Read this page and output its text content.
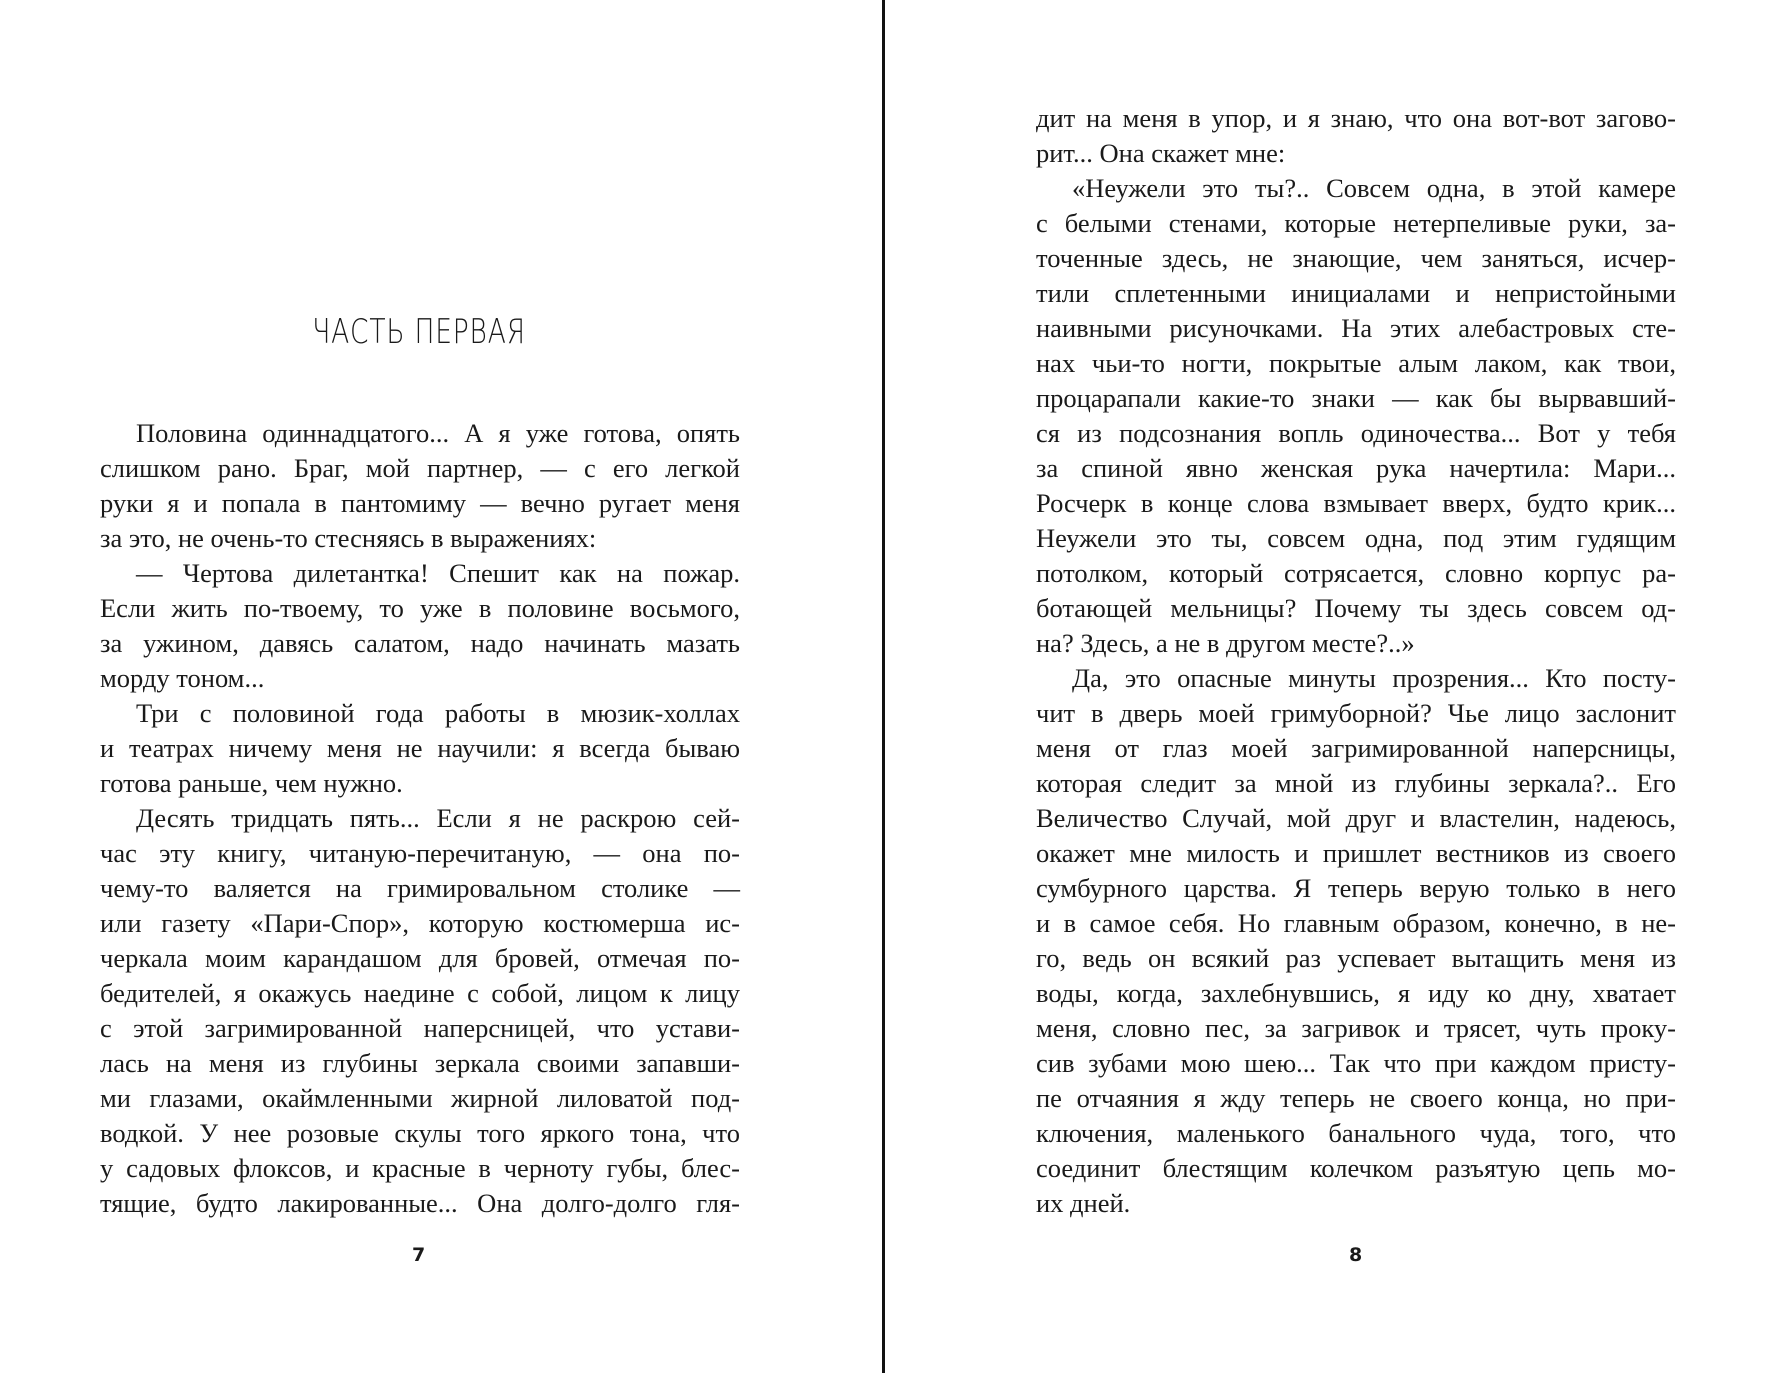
ЧАСТЬ ПЕРВАЯ
Половина одиннадцатого... А я уже готова, опять
слишком рано. Браг, мой партнер, — с его легкой
руки я и попала в пантомиму — вечно ругает меня
за это, не очень-то стесняясь в выражениях:
— Чертова дилетантка! Спешит как на пожар.
Если жить по-твоему, то уже в половине восьмого,
за ужином, давясь салатом, надо начинать мазать
морду тоном...
Три с половиной года работы в мюзик-холлах
и театрах ничему меня не научили: я всегда бываю
готова раньше, чем нужно.
Десять тридцать пять... Если я не раскрою сей-
час эту книгу, читаную-перечитаную, — она по-
чему-то валяется на гримировальном столике —
или газету «Пари-Спор», которую костюмерша ис-
черкала моим карандашом для бровей, отмечая по-
бедителей, я окажусь наедине с собой, лицом к лицу
с этой загримированной наперсницей, что устави-
лась на меня из глубины зеркала своими запавши-
ми глазами, окаймленными жирной лиловатой под-
водкой. У нее розовые скулы того яркого тона, что
у садовых флоксов, и красные в черноту губы, блес-
тящие, будто лакированные... Она долго-долго гля-
7
дит на меня в упор, и я знаю, что она вот-вот загово-
рит... Она скажет мне:
«Неужели это ты?.. Совсем одна, в этой камере
с белыми стенами, которые нетерпеливые руки, за-
точенные здесь, не знающие, чем заняться, исчер-
тили сплетенными инициалами и непристойными
наивными рисуночками. На этих алебастровых сте-
нах чьи-то ногти, покрытые алым лаком, как твои,
процарапали какие-то знаки — как бы вырвавший-
ся из подсознания вопль одиночества... Вот у тебя
за спиной явно женская рука начертила: Мари...
Росчерк в конце слова взмывает вверх, будто крик...
Неужели это ты, совсем одна, под этим гудящим
потолком, который сотрясается, словно корпус ра-
ботающей мельницы? Почему ты здесь совсем од-
на? Здесь, а не в другом месте?..»
Да, это опасные минуты прозрения... Кто посту-
чит в дверь моей гримуборной? Чье лицо заслонит
меня от глаз моей загримированной наперсницы,
которая следит за мной из глубины зеркала?.. Его
Величество Случай, мой друг и властелин, надеюсь,
окажет мне милость и пришлет вестников из своего
сумбурного царства. Я теперь верую только в него
и в самое себя. Но главным образом, конечно, в не-
го, ведь он всякий раз успевает вытащить меня из
воды, когда, захлебнувшись, я иду ко дну, хватает
меня, словно пес, за загривок и трясет, чуть проку-
сив зубами мою шею... Так что при каждом присту-
пе отчаяния я жду теперь не своего конца, но при-
ключения, маленького банального чуда, того, что
соединит блестящим колечком разъятую цепь мо-
их дней.
8
